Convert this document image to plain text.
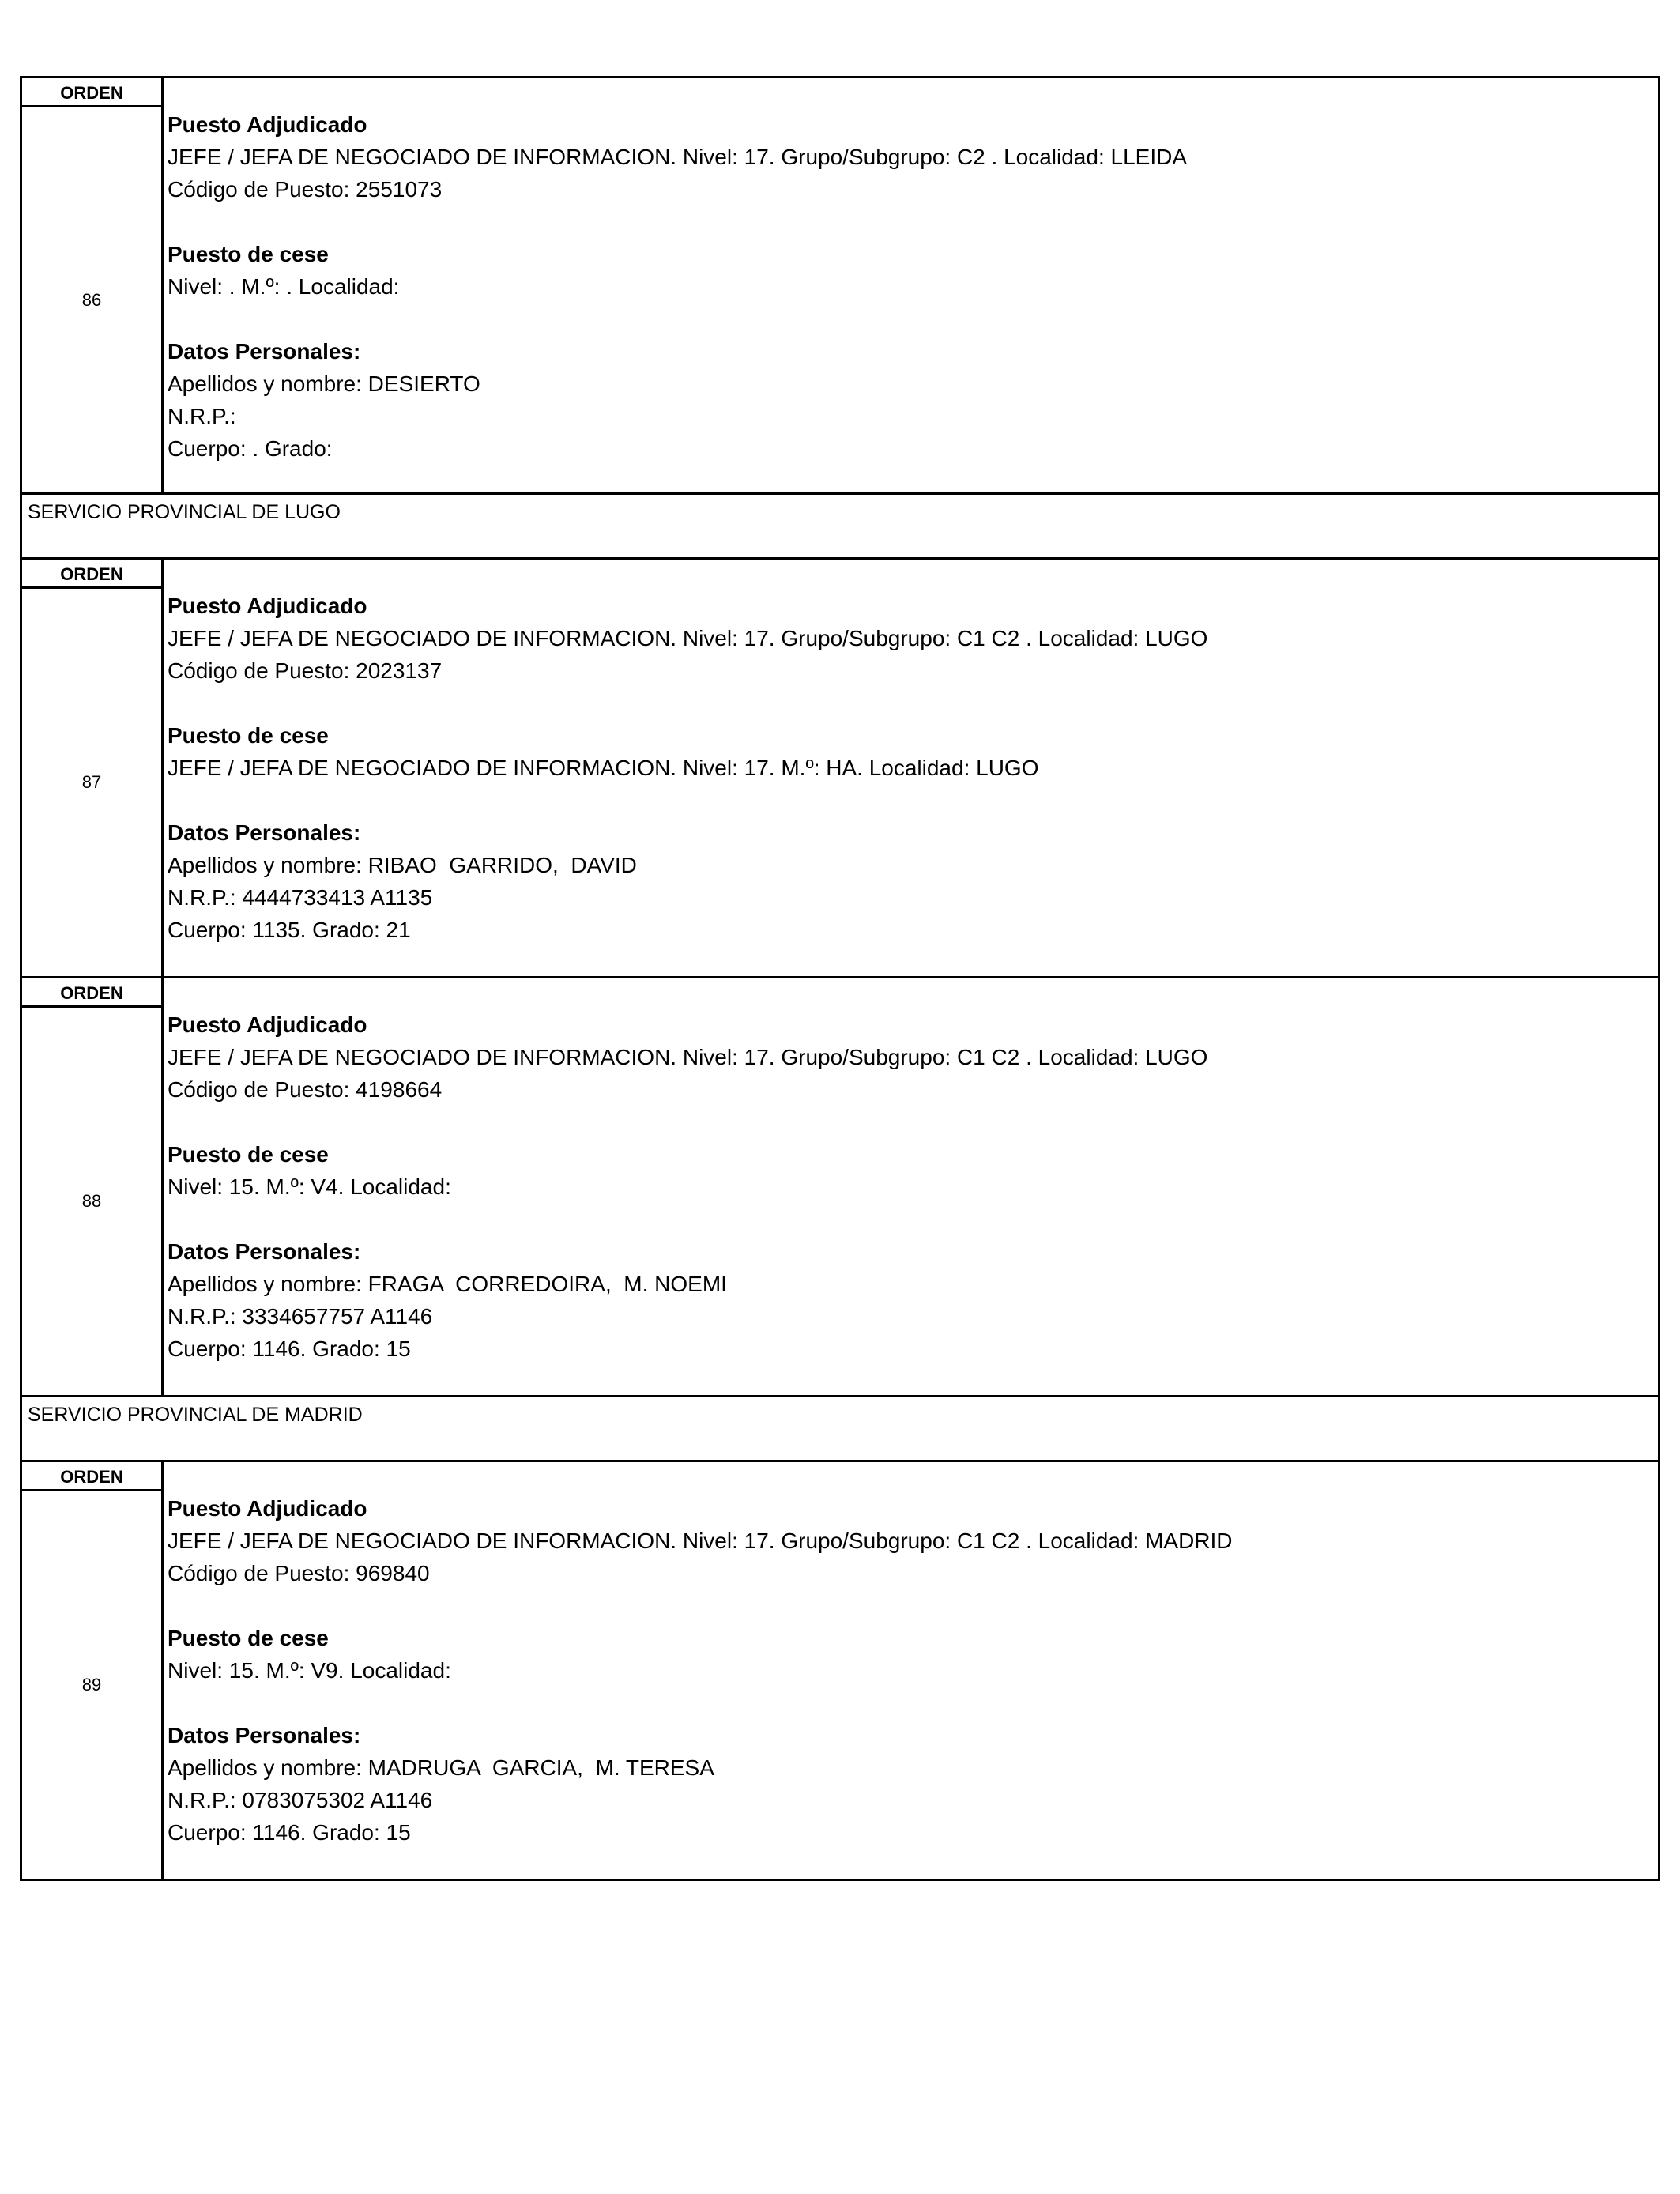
ORDEN
86
Puesto Adjudicado
JEFE / JEFA DE NEGOCIADO DE INFORMACION. Nivel: 17. Grupo/Subgrupo: C2 . Localidad: LLEIDA
Código de Puesto: 2551073
Puesto de cese
Nivel: . M.º: . Localidad:
Datos Personales:
Apellidos y nombre: DESIERTO
N.R.P.:
Cuerpo: . Grado:
SERVICIO PROVINCIAL DE LUGO
ORDEN
87
Puesto Adjudicado
JEFE / JEFA DE NEGOCIADO DE INFORMACION. Nivel: 17. Grupo/Subgrupo: C1 C2 . Localidad: LUGO
Código de Puesto: 2023137
Puesto de cese
JEFE / JEFA DE NEGOCIADO DE INFORMACION. Nivel: 17. M.º: HA. Localidad: LUGO
Datos Personales:
Apellidos y nombre: RIBAO  GARRIDO,  DAVID
N.R.P.: 4444733413 A1135
Cuerpo: 1135. Grado: 21
ORDEN
88
Puesto Adjudicado
JEFE / JEFA DE NEGOCIADO DE INFORMACION. Nivel: 17. Grupo/Subgrupo: C1 C2 . Localidad: LUGO
Código de Puesto: 4198664
Puesto de cese
Nivel: 15. M.º: V4. Localidad:
Datos Personales:
Apellidos y nombre: FRAGA  CORREDOIRA,  M. NOEMI
N.R.P.: 3334657757 A1146
Cuerpo: 1146. Grado: 15
SERVICIO PROVINCIAL DE MADRID
ORDEN
89
Puesto Adjudicado
JEFE / JEFA DE NEGOCIADO DE INFORMACION. Nivel: 17. Grupo/Subgrupo: C1 C2 . Localidad: MADRID
Código de Puesto: 969840
Puesto de cese
Nivel: 15. M.º: V9. Localidad:
Datos Personales:
Apellidos y nombre: MADRUGA  GARCIA,  M. TERESA
N.R.P.: 0783075302 A1146
Cuerpo: 1146. Grado: 15
